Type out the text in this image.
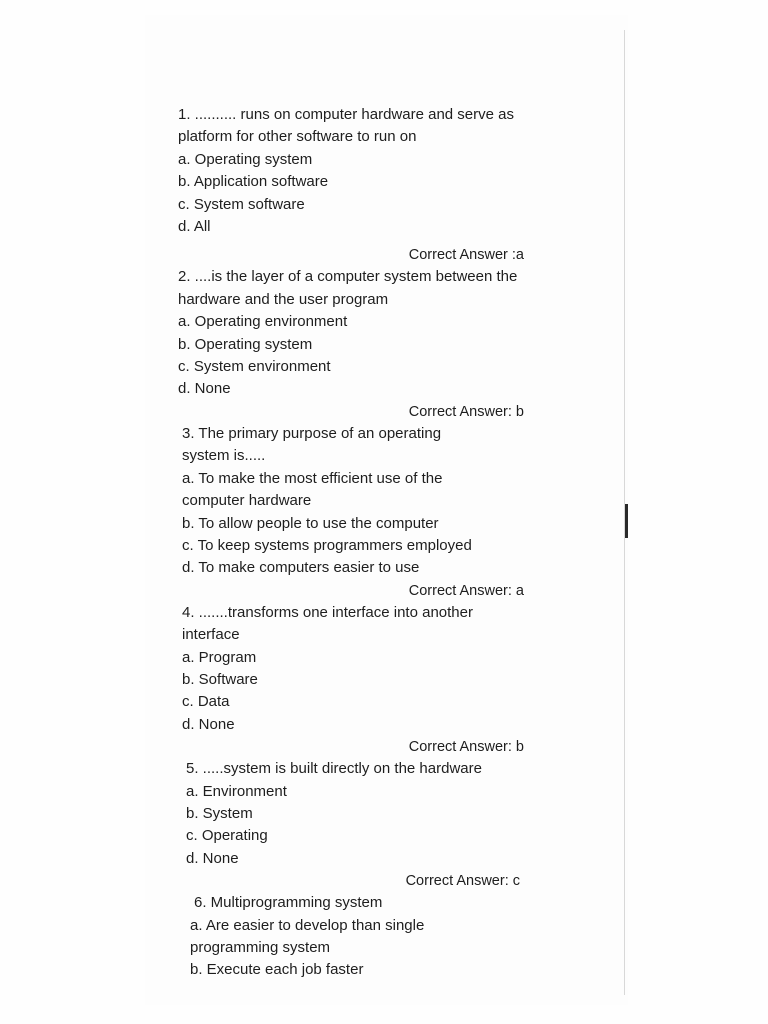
1. .......... runs on computer hardware and serve as platform for other software to run on
a. Operating system
b. Application software
c. System software
d. All
Correct Answer :a
2. ....is the layer of a computer system between the hardware and the user program
a. Operating environment
b. Operating system
c. System environment
d. None
Correct Answer: b
3. The primary purpose of an operating system is.....
a. To make the most efficient use of the computer hardware
b. To allow people to use the computer
c. To keep systems programmers employed
d. To make computers easier to use
Correct Answer: a
4. .......transforms one interface into another interface
a. Program
b. Software
c. Data
d. None
Correct Answer: b
5. .....system is built directly on the hardware
a. Environment
b. System
c. Operating
d. None
Correct Answer: c
6. Multiprogramming system
a. Are easier to develop than single programming system
b. Execute each job faster
